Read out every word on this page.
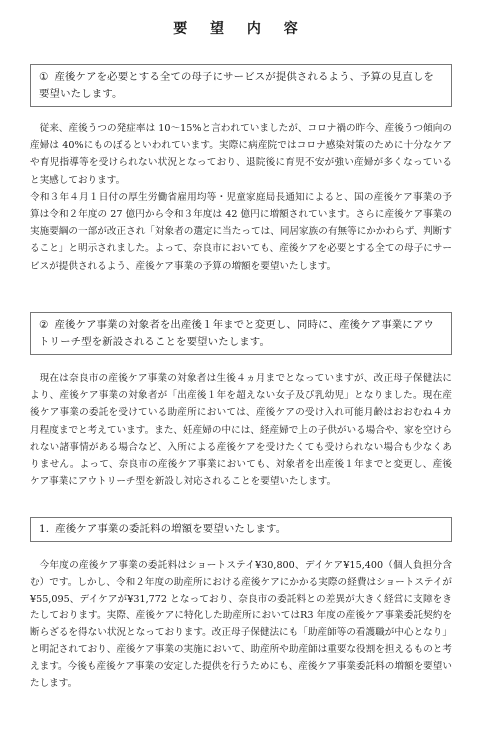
要 望 内 容
① 産後ケアを必要とする全ての母子にサービスが提供されるよう、予算の見直しを要望いたします。
従来、産後うつの発症率は 10～15%と言われていましたが、コロナ禍の昨今、産後うつ傾向の産婦は 40%にものぼるといわれています。実際に病産院ではコロナ感染対策のために十分なケアや育児指導等を受けられない状況となっており、退院後に育児不安が強い産婦が多くなっていると実感しております。
令和３年４月１日付の厚生労働省雇用均等・児童家庭局長通知によると、国の産後ケア事業の予算は令和２年度の 27 億円から令和３年度は 42 億円に増額されています。さらに産後ケア事業の実施要綱の一部が改正され「対象者の選定に当たっては、同居家族の有無等にかかわらず、判断すること」と明示されました。よって、奈良市においても、産後ケアを必要とする全ての母子にサービスが提供されるよう、産後ケア事業の予算の増額を要望いたします。
② 産後ケア事業の対象者を出産後１年までと変更し、同時に、産後ケア事業にアウトリーチ型を新設されることを要望いたします。
現在は奈良市の産後ケア事業の対象者は生後４ヵ月までとなっていますが、改正母子保健法により、産後ケア事業の対象者が「出産後１年を超えない女子及び乳幼児」となりました。現在産後ケア事業の委託を受けている助産所においては、産後ケアの受け入れ可能月齢はおおむね４カ月程度までと考えています。また、妊産婦の中には、経産婦で上の子供がいる場合や、家を空けられない諸事情がある場合など、入所による産後ケアを受けたくても受けられない場合も少なくありません。よって、奈良市の産後ケア事業においても、対象者を出産後１年までと変更し、産後ケア事業にアウトリーチ型を新設し対応されることを要望いたします。
1. 産後ケア事業の委託料の増額を要望いたします。
今年度の産後ケア事業の委託料はショートステイ¥30,800、デイケア¥15,400（個人負担分含む）です。しかし、令和２年度の助産所における産後ケアにかかる実際の経費はショートステイが¥55,095、デイケアが¥31,772 となっており、奈良市の委託料との差異が大きく経営に支障をきたしております。実際、産後ケアに特化した助産所においてはR3 年度の産後ケア事業委託契約を断らざるを得ない状況となっております。改正母子保健法にも「助産師等の看護職が中心となり」と明記されており、産後ケア事業の実施において、助産所や助産師は重要な役割を担えるものと考えます。今後も産後ケア事業の安定した提供を行うためにも、産後ケア事業委託料の増額を要望いたします。
